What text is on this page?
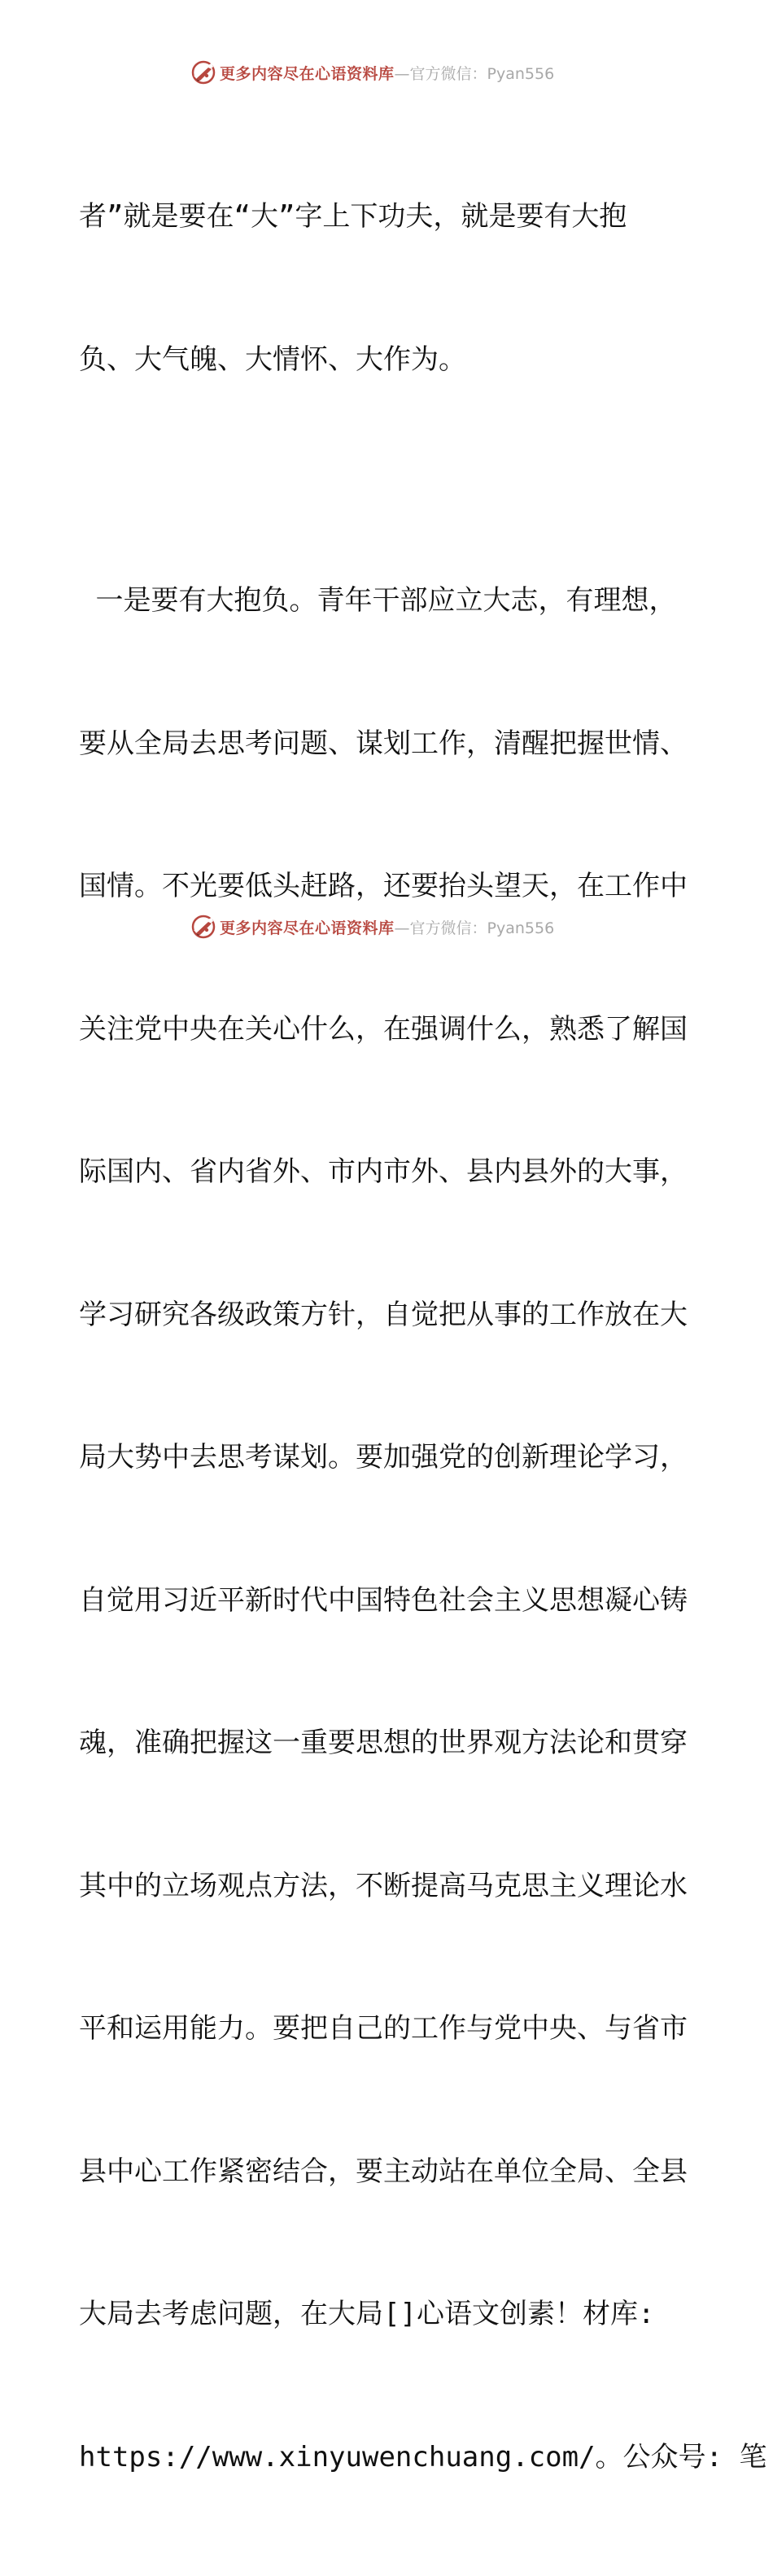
更多内容尽在心语资料库 —官方微信：Pyan556

者”就是要在“大”字上下功夫，就是要有大抱

负、大气魄、大情怀、大作为。

一是要有大抱负。青年干部应立大志，有理想，

要从全局去思考问题、谋划工作，清醒把握世情、

国情。不光要低头赶路，还要抬头望天，在工作中

关注党中央在关心什么，在强调什么，熟悉了解国

际国内、省内省外、市内市外、县内县外的大事，

学习研究各级政策方针，自觉把从事的工作放在大

局大势中去思考谋划。要加强党的创新理论学习，

自觉用习近平新时代中国特色社会主义思想凝心铸

魂，准确把握这一重要思想的世界观方法论和贯穿

其中的立场观点方法，不断提高马克思主义理论水

平和运用能力。要把自己的工作与党中央、与省市

县中心工作紧密结合，要主动站在单位全局、全县

大局去考虑问题，在大局[]心语文创素！材库:

https://www.xinyuwenchuang.com/。公众号: 笔

更多内容尽在心语资料库 —官方微信：Pyan556
